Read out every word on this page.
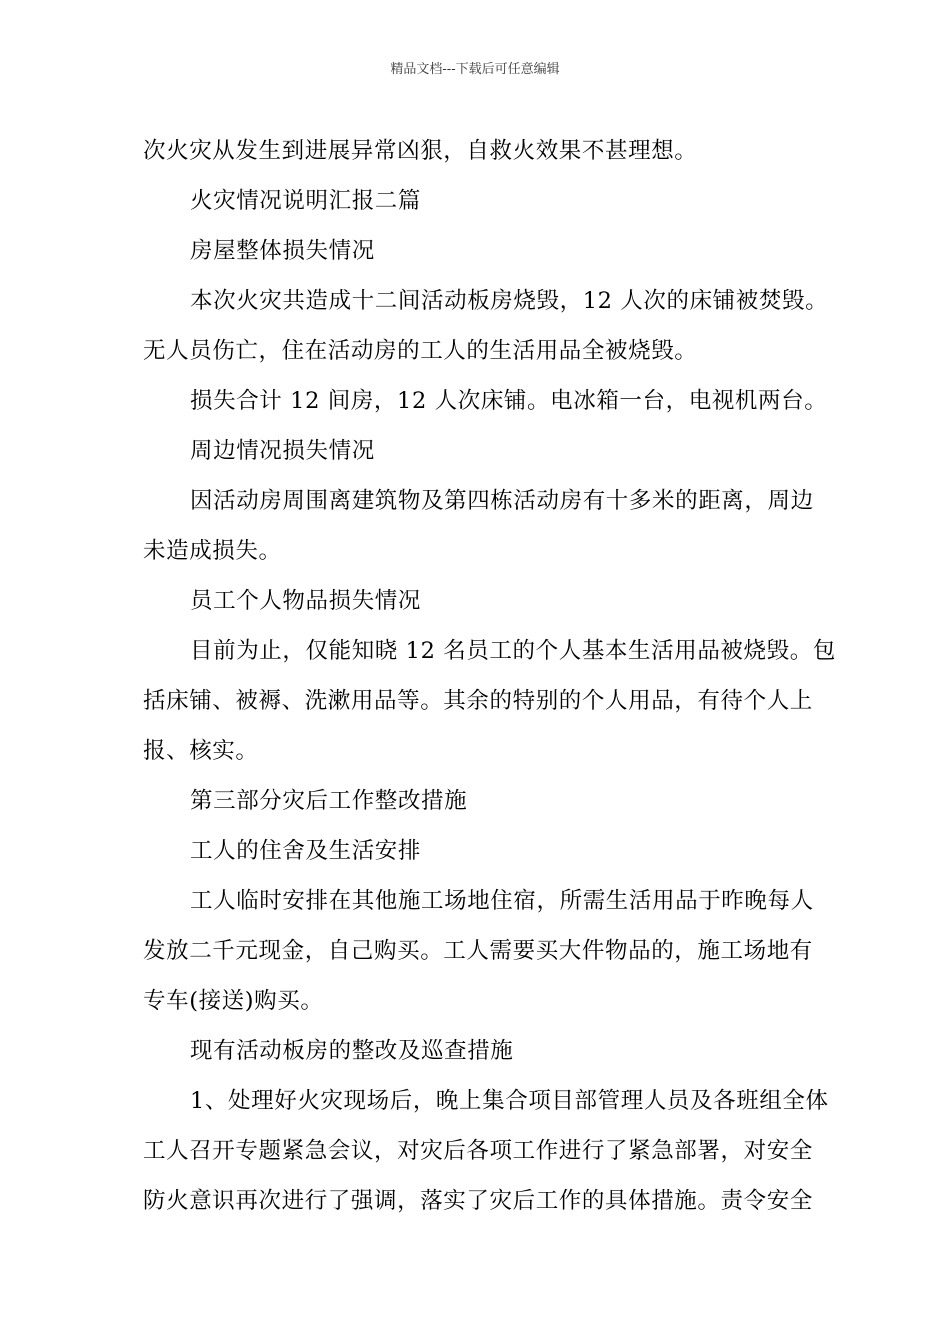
精品文档---下载后可任意编辑
次火灾从发生到进展异常凶狠，自救火效果不甚理想。
火灾情况说明汇报二篇
房屋整体损失情况
本次火灾共造成十二间活动板房烧毁，12 人次的床铺被焚毁。
无人员伤亡，住在活动房的工人的生活用品全被烧毁。
损失合计 12 间房，12 人次床铺。电冰箱一台，电视机两台。
周边情况损失情况
因活动房周围离建筑物及第四栋活动房有十多米的距离，周边
未造成损失。
员工个人物品损失情况
目前为止，仅能知晓 12 名员工的个人基本生活用品被烧毁。包
括床铺、被褥、洗漱用品等。其余的特别的个人用品，有待个人上
报、核实。
第三部分灾后工作整改措施
工人的住舍及生活安排
工人临时安排在其他施工场地住宿，所需生活用品于昨晚每人
发放二千元现金，自己购买。工人需要买大件物品的，施工场地有
专车(接送)购买。
现有活动板房的整改及巡查措施
1、处理好火灾现场后，晚上集合项目部管理人员及各班组全体
工人召开专题紧急会议，对灾后各项工作进行了紧急部署，对安全
防火意识再次进行了强调，落实了灾后工作的具体措施。责令安全
